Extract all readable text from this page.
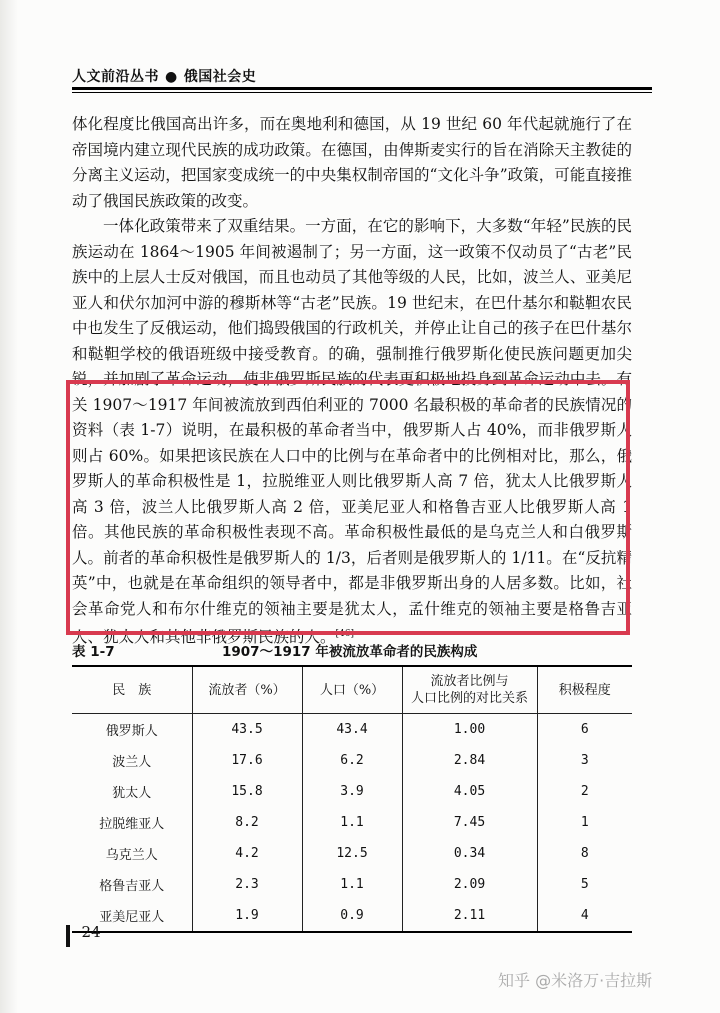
人文前沿丛书 ● 俄国社会史

体化程度比俄国高出许多，而在奥地利和德国，从 19 世纪 60 年代起就施行了在帝国境内建立现代民族的成功政策。在德国，由俾斯麦实行的旨在消除天主教徒的分离主义运动，把国家变成统一的中央集权制帝国的“文化斗争”政策，可能直接推动了俄国民族政策的改变。

一体化政策带来了双重结果。一方面，在它的影响下，大多数“年轻”民族的民族运动在 1864～1905 年间被遏制了；另一方面，这一政策不仅动员了“古老”民族中的上层人士反对俄国，而且也动员了其他等级的人民，比如，波兰人、亚美尼亚人和伏尔加河中游的穆斯林等“古老”民族。19 世纪末，在巴什基尔和鞑靼农民中也发生了反俄运动，他们捣毁俄国的行政机关，并停止让自己的孩子在巴什基尔和鞑靼学校的俄语班级中接受教育。的确，强制推行俄罗斯化使民族问题更加尖锐，并加剧了革命运动，使非俄罗斯民族的代表更积极地投身到革命运动中去。有关 1907～1917 年间被流放到西伯利亚的 7000 名最积极的革命者的民族情况的资料（表 1-7）说明，在最积极的革命者当中，俄罗斯人占 40%，而非俄罗斯人则占 60%。如果把该民族在人口中的比例与在革命者中的比例相对比，那么，俄罗斯人的革命积极性是 1，拉脱维亚人则比俄罗斯人高 7 倍，犹太人比俄罗斯人高 3 倍，波兰人比俄罗斯人高 2 倍，亚美尼亚人和格鲁吉亚人比俄罗斯人高 1 倍。其他民族的革命积极性表现不高。革命积极性最低的是乌克兰人和白俄罗斯人。前者的革命积极性是俄罗斯人的 1/3，后者则是俄罗斯人的 1/11。在“反抗精英”中，也就是在革命组织的领导者中，都是非俄罗斯出身的人居多数。比如，社会革命党人和布尔什维克的领袖主要是犹太人，孟什维克的领袖主要是格鲁吉亚人、犹太人和其他非俄罗斯民族的人。[46]

表 1-7	1907～1917 年被流放革命者的民族构成
民　族	流放者（%）	人口（%）	流放者比例与
人口比例的对比关系	积极程度
俄罗斯人	43.5	43.4	1.00	6
波兰人	17.6	6.2	2.84	3
犹太人	15.8	3.9	4.05	2
拉脱维亚人	8.2	1.1	7.45	1
乌克兰人	4.2	12.5	0.34	8
格鲁吉亚人	2.3	1.1	2.09	5
亚美尼亚人	1.9	0.9	2.11	4
24
知乎 @米洛万·吉拉斯
